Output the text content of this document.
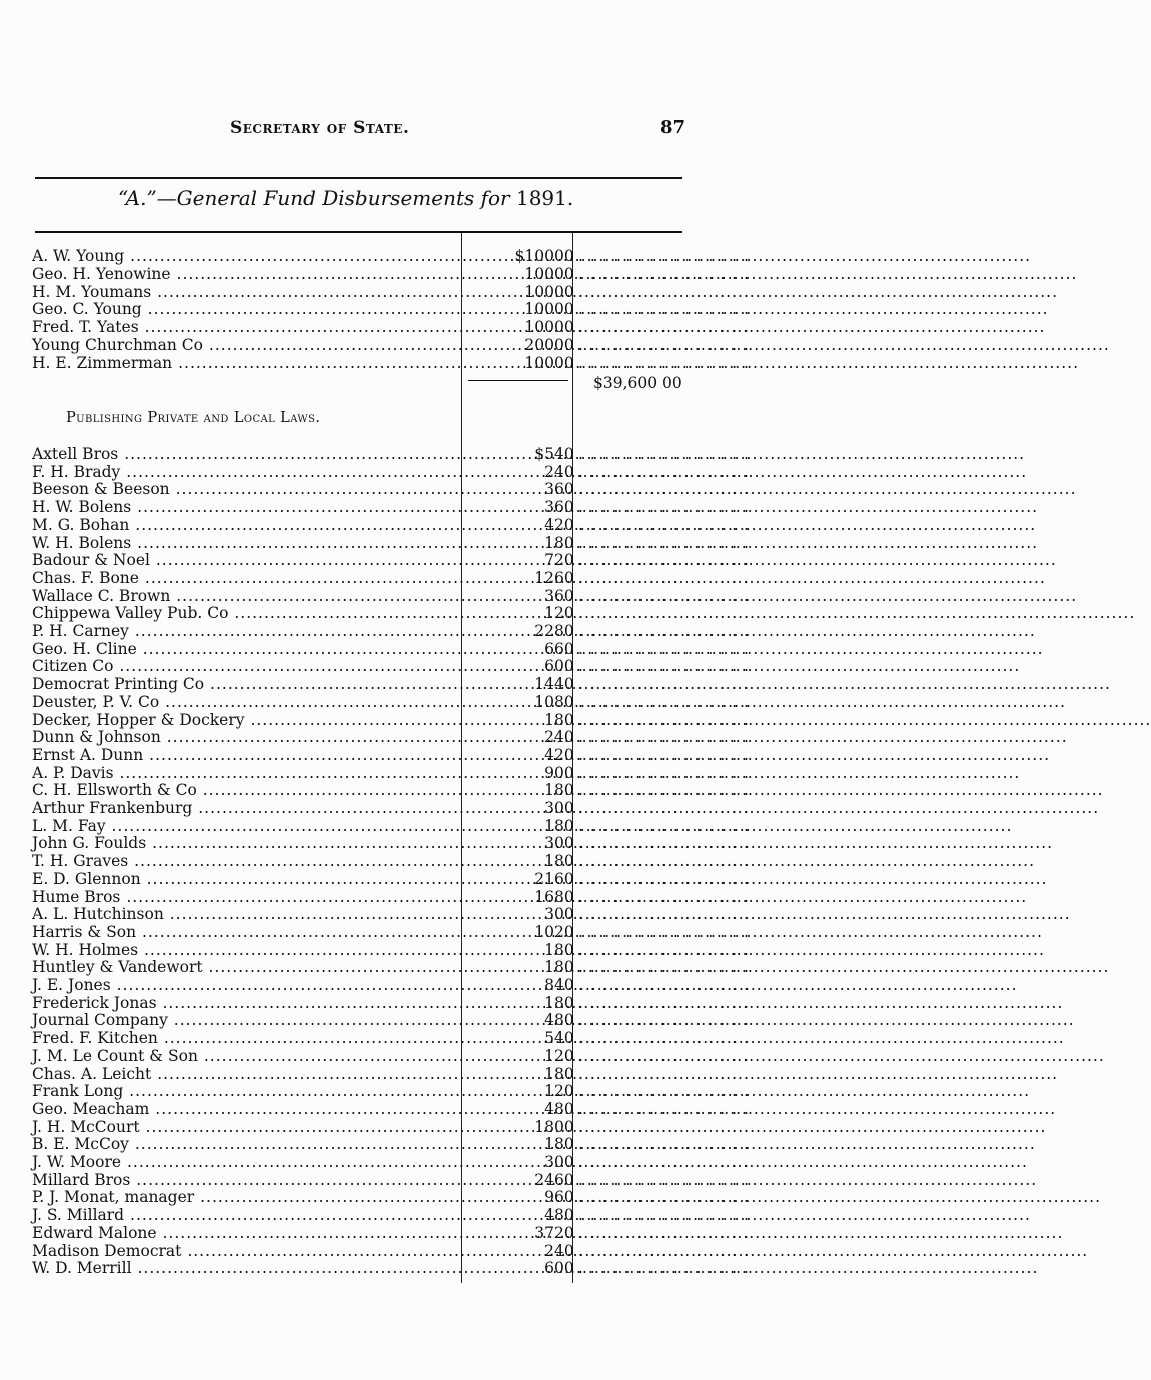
Secretary of State.	87
“A.”—General Fund Disbursements for 1891.
A. W. Young .....	$100 00 . . . . . . . . . . . . . . .
Geo. H. Yenowine .....	100 00 . . . . . . . . . . . . . . .
H. M. Youmans .....	100 00 . . . . . . . . . . . . . . .
Geo. C. Young .....	100 00 . . . . . . . . . . . . . . .
Fred. T. Yates .....	100 00 . . . . . . . . . . . . . . .
Young Churchman Co .....	200 00 . . . . . . . . . . . . . . .
H. E. Zimmerman .....	100 00 . . . . . . . . . . . . . . .
$39,600 00
Publishing Private and Local Laws.
Axtell Bros .....	$5 40 . . . . . . . . . . . . . . .
F. H. Brady .....	2 40 . . . . . . . . . . . . . . .
Beeson & Beeson .....	3 60 . . . . . . . . . . . . . . .
H. W. Bolens .....	3 60 . . . . . . . . . . . . . . .
M. G. Bohan .....	4 20 . . . . . . . . . . . . . . .
W. H. Bolens .....	1 80 . . . . . . . . . . . . . . .
Badour & Noel .....	7 20 . . . . . . . . . . . . . . .
Chas. F. Bone .....	12 60 . . . . . . . . . . . . . . .
Wallace C. Brown .....	3 60 . . . . . . . . . . . . . . .
Chippewa Valley Pub. Co .....	1 20 . . . . . . . . . . . . . . .
P. H. Carney .....	22 80 . . . . . . . . . . . . . . .
Geo. H. Cline .....	6 60 . . . . . . . . . . . . . . .
Citizen Co .....	6 00 . . . . . . . . . . . . . . .
Democrat Printing Co .....	14 40 . . . . . . . . . . . . . . .
Deuster, P. V. Co .....	10 80 . . . . . . . . . . . . . . .
Decker, Hopper & Dockery .....	1 80 . . . . . . . . . . . . . . .
Dunn & Johnson .....	2 40 . . . . . . . . . . . . . . .
Ernst A. Dunn .....	4 20 . . . . . . . . . . . . . . .
A. P. Davis .....	9 00 . . . . . . . . . . . . . . .
C. H. Ellsworth & Co .....	1 80 . . . . . . . . . . . . . . .
Arthur Frankenburg .....	3 00 . . . . . . . . . . . . . . .
L. M. Fay .....	1 80 . . . . . . . . . . . . . . .
John G. Foulds .....	3 00 . . . . . . . . . . . . . . .
T. H. Graves .....	1 80 . . . . . . . . . . . . . . .
E. D. Glennon .....	21 60 . . . . . . . . . . . . . . .
Hume Bros .....	16 80 . . . . . . . . . . . . . . .
A. L. Hutchinson .....	3 00 . . . . . . . . . . . . . . .
Harris & Son .....	10 20 . . . . . . . . . . . . . . .
W. H. Holmes .....	1 80 . . . . . . . . . . . . . . .
Huntley & Vandewort .....	1 80 . . . . . . . . . . . . . . .
J. E. Jones .....	8 40 . . . . . . . . . . . . . . .
Frederick Jonas .....	1 80 . . . . . . . . . . . . . . .
Journal Company .....	4 80 . . . . . . . . . . . . . . .
Fred. F. Kitchen .....	5 40 . . . . . . . . . . . . . . .
J. M. Le Count & Son .....	1 20 . . . . . . . . . . . . . . .
Chas. A. Leicht .....	1 80 . . . . . . . . . . . . . . .
Frank Long .....	1 20 . . . . . . . . . . . . . . .
Geo. Meacham .....	4 80 . . . . . . . . . . . . . . .
J. H. McCourt .....	18 00 . . . . . . . . . . . . . . .
B. E. McCoy .....	1 80 . . . . . . . . . . . . . . .
J. W. Moore .....	3 00 . . . . . . . . . . . . . . .
Millard Bros .....	24 60 . . . . . . . . . . . . . . .
P. J. Monat, manager .....	9 60 . . . . . . . . . . . . . . .
J. S. Millard .....	4 80 . . . . . . . . . . . . . . .
Edward Malone .....	37 20 . . . . . . . . . . . . . . .
Madison Democrat .....	2 40 . . . . . . . . . . . . . . .
W. D. Merrill .....	6 00 . . . . . . . . . . . . . . .
